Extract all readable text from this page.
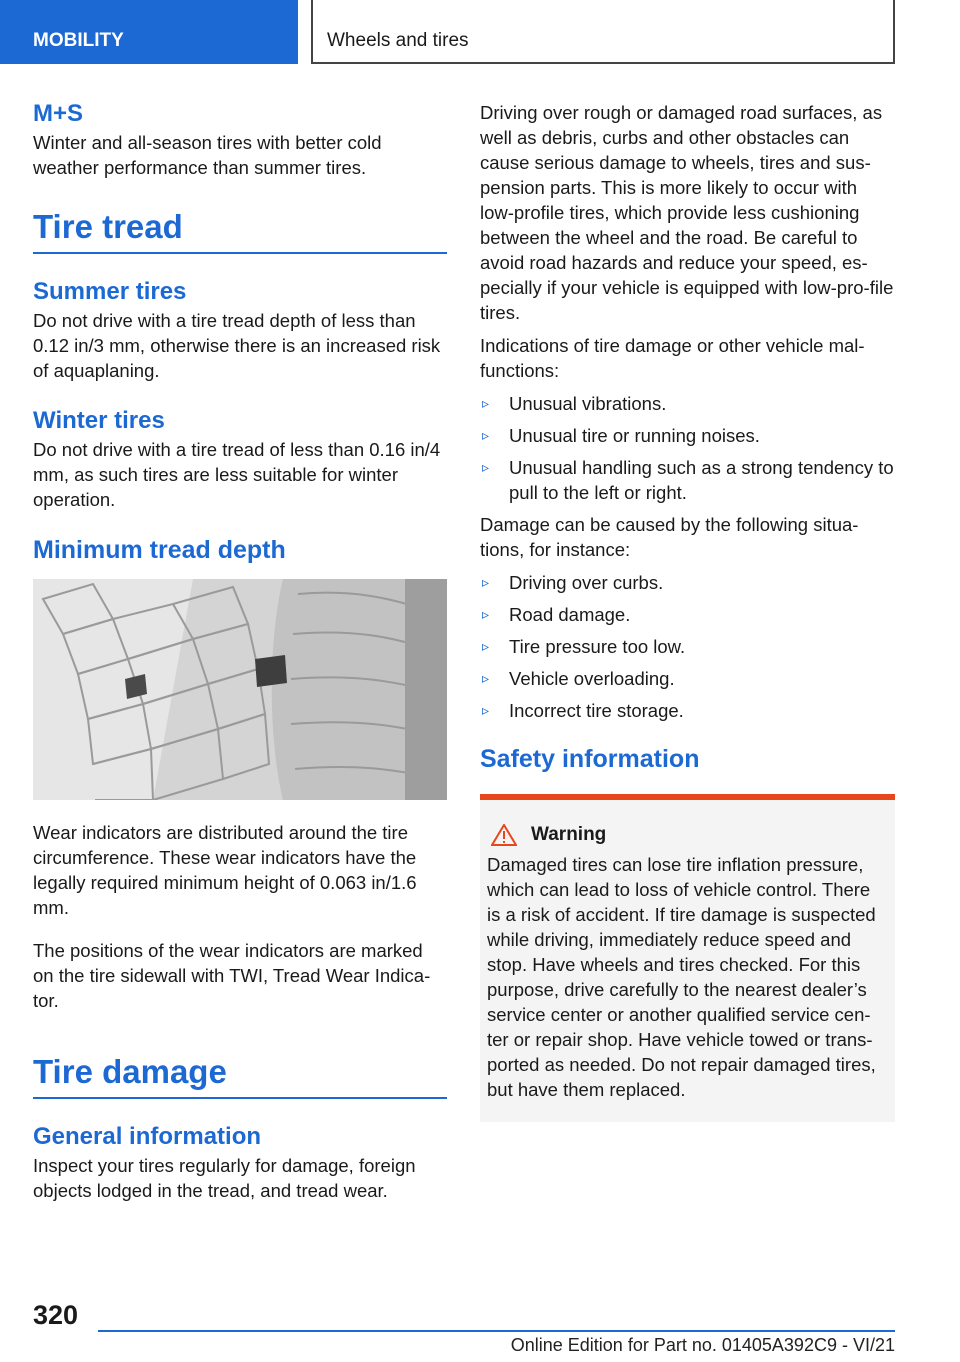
MOBILITY	Wheels and tires
M+S

Winter and all-season tires with better cold weather performance than summer tires.

Tire tread
Summer tires

Do not drive with a tire tread depth of less than 0.12 in/3 mm, otherwise there is an increased risk of aquaplaning.

Winter tires

Do not drive with a tire tread of less than 0.16 in/4 mm, as such tires are less suitable for winter operation.

Minimum tread depth

Wear indicators are distributed around the tire circumference. These wear indicators have the legally required minimum height of 0.063 in/1.6 mm.

The positions of the wear indicators are marked on the tire sidewall with TWI, Tread Wear Indica-tor.

Tire damage
General information

Inspect your tires regularly for damage, foreign objects lodged in the tread, and tread wear.

Driving over rough or damaged road surfaces, as well as debris, curbs and other obstacles can cause serious damage to wheels, tires and sus-pension parts. This is more likely to occur with low-profile tires, which provide less cushioning between the wheel and the road. Be careful to avoid road hazards and reduce your speed, es-pecially if your vehicle is equipped with low-pro-file tires.

Indications of tire damage or other vehicle mal-functions:

▹ Unusual vibrations.
▹ Unusual tire or running noises.
▹ Unusual handling such as a strong tendency to pull to the left or right.

Damage can be caused by the following situa-tions, for instance:

▹ Driving over curbs.
▹ Road damage.
▹ Tire pressure too low.
▹ Vehicle overloading.
▹ Incorrect tire storage.
Safety information
Warning

Damaged tires can lose tire inflation pressure, which can lead to loss of vehicle control. There is a risk of accident. If tire damage is suspected while driving, immediately reduce speed and stop. Have wheels and tires checked. For this purpose, drive carefully to the nearest dealer’s service center or another qualified service cen-ter or repair shop. Have vehicle towed or trans-ported as needed. Do not repair damaged tires, but have them replaced.

320
Online Edition for Part no. 01405A392C9 - VI/21
